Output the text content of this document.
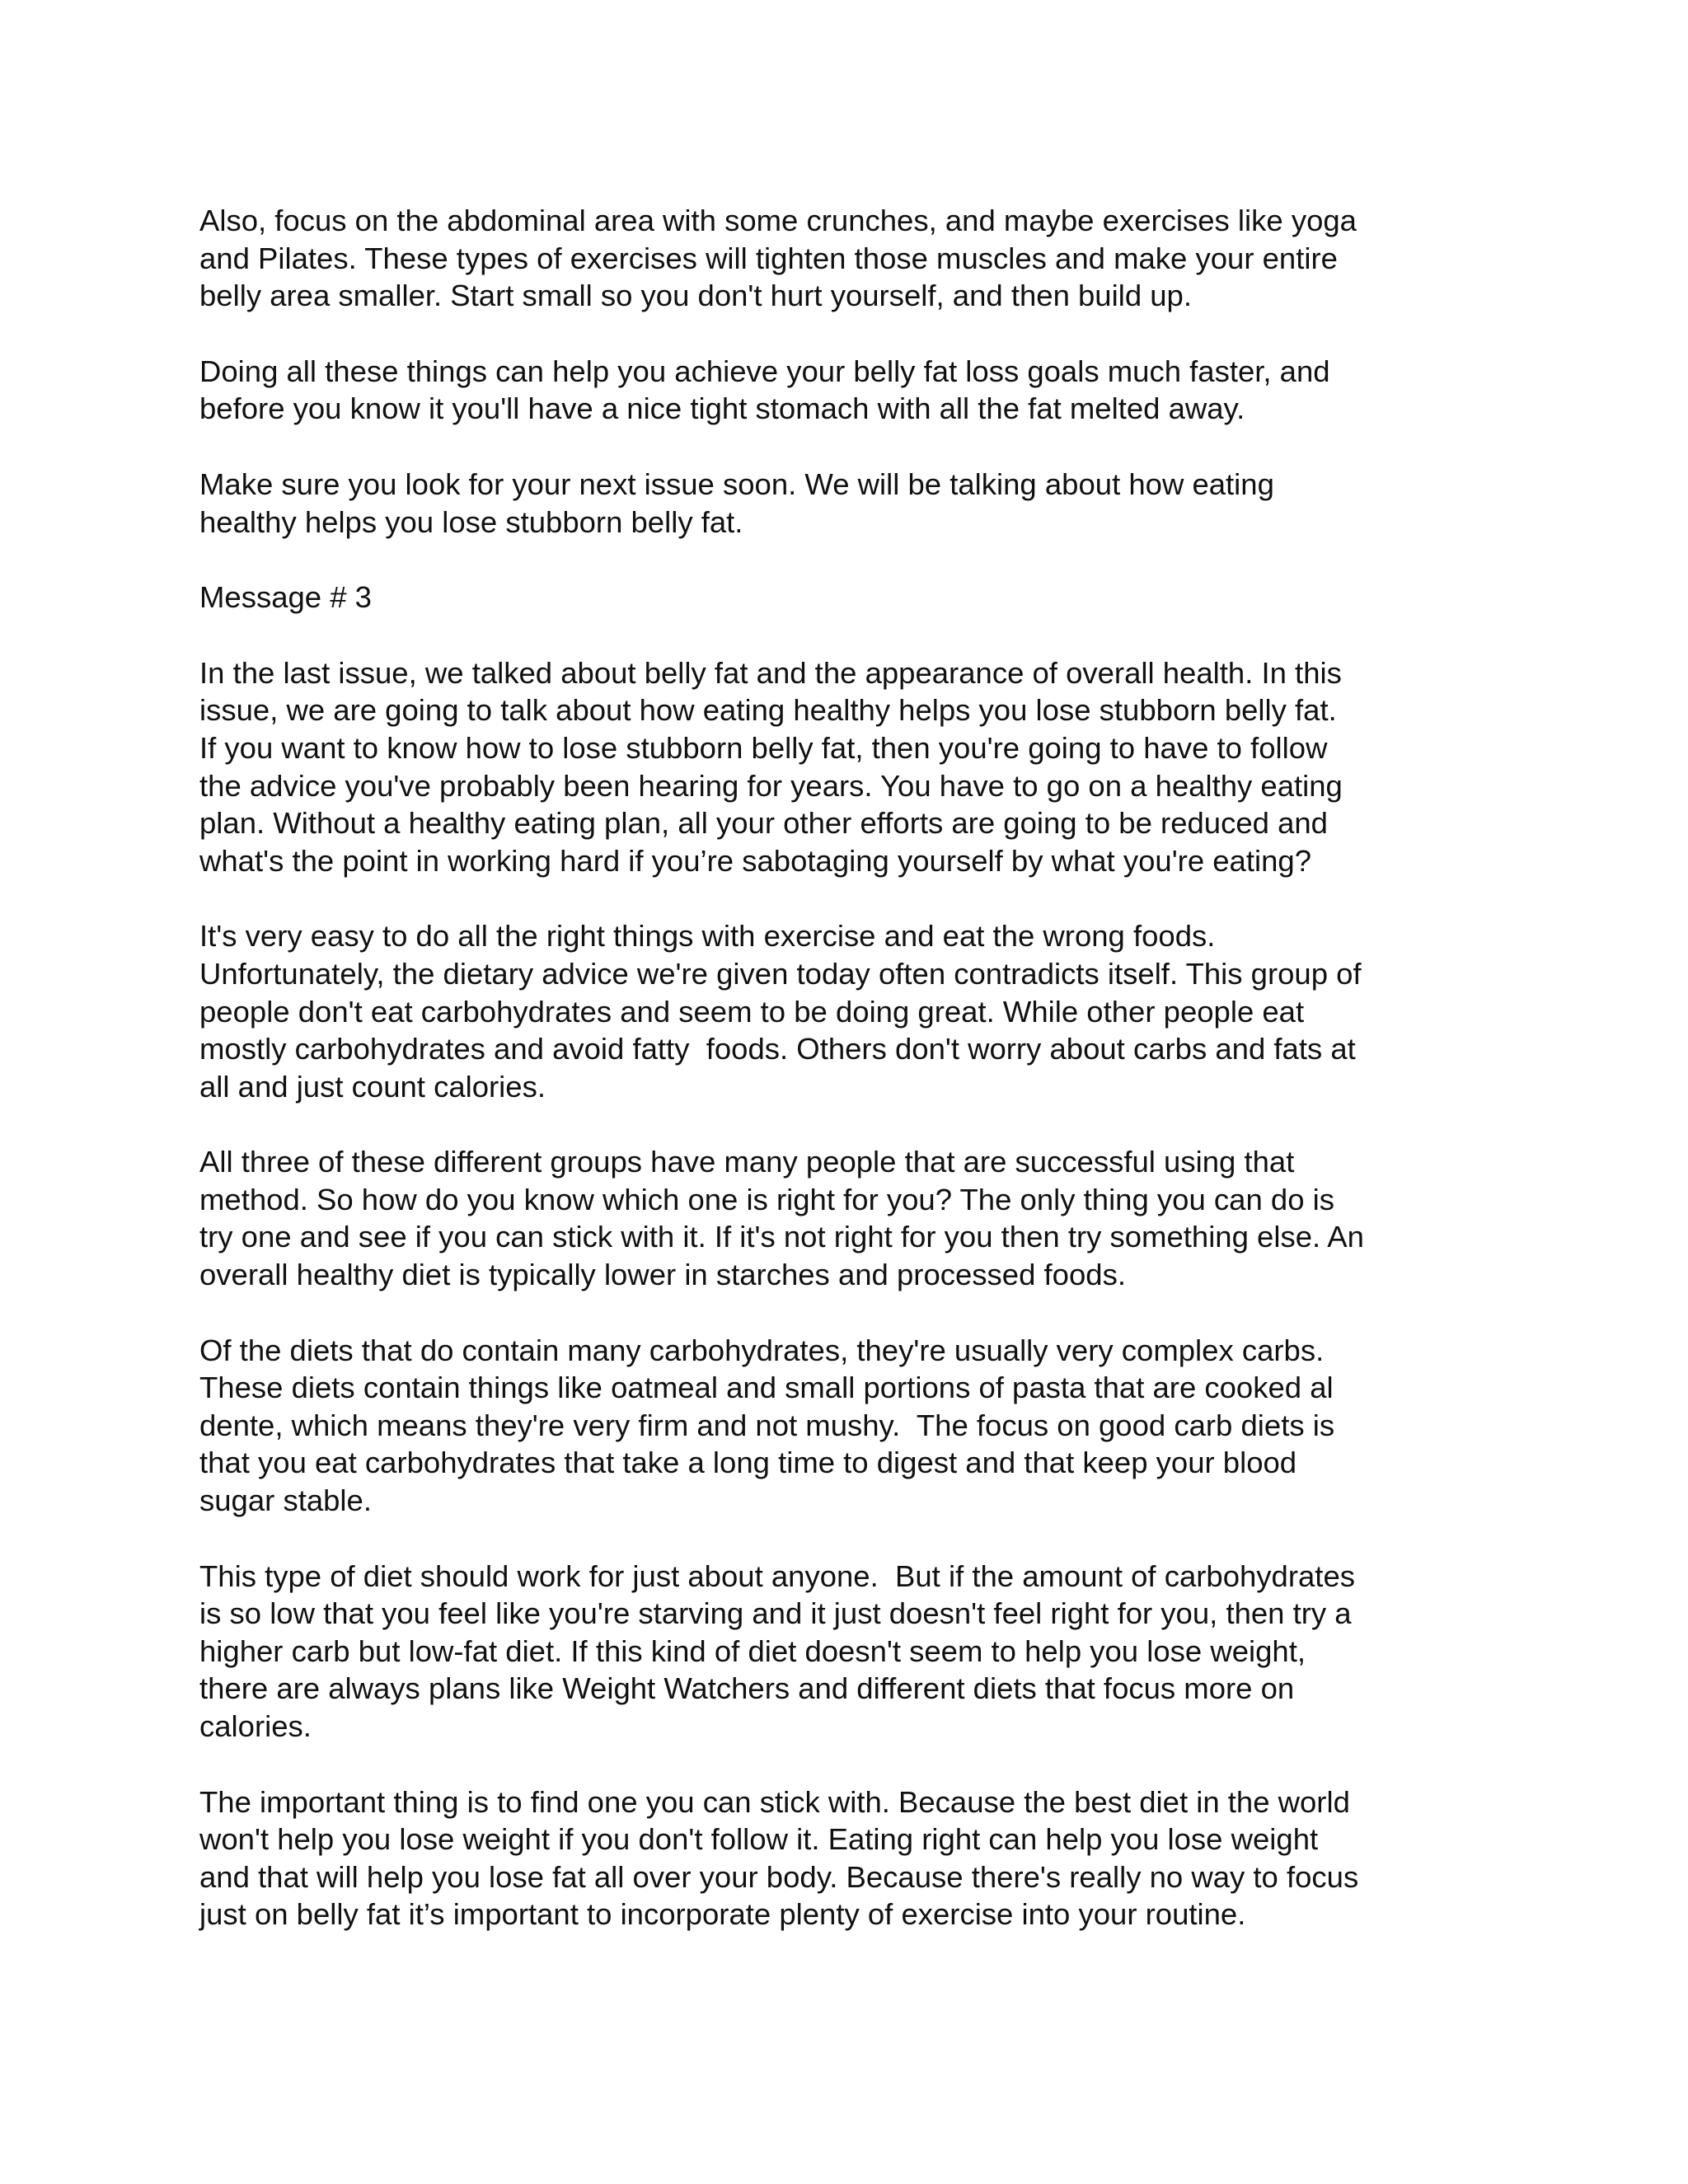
Also, focus on the abdominal area with some crunches, and maybe exercises like yoga
and Pilates. These types of exercises will tighten those muscles and make your entire
belly area smaller. Start small so you don't hurt yourself, and then build up.
Doing all these things can help you achieve your belly fat loss goals much faster, and
before you know it you'll have a nice tight stomach with all the fat melted away.
Make sure you look for your next issue soon. We will be talking about how eating
healthy helps you lose stubborn belly fat.
Message # 3
In the last issue, we talked about belly fat and the appearance of overall health. In this
issue, we are going to talk about how eating healthy helps you lose stubborn belly fat.
If you want to know how to lose stubborn belly fat, then you're going to have to follow
the advice you've probably been hearing for years. You have to go on a healthy eating
plan. Without a healthy eating plan, all your other efforts are going to be reduced and
what's the point in working hard if you’re sabotaging yourself by what you're eating?
It's very easy to do all the right things with exercise and eat the wrong foods.
Unfortunately, the dietary advice we're given today often contradicts itself. This group of
people don't eat carbohydrates and seem to be doing great. While other people eat
mostly carbohydrates and avoid fatty  foods. Others don't worry about carbs and fats at
all and just count calories.
All three of these different groups have many people that are successful using that
method. So how do you know which one is right for you? The only thing you can do is
try one and see if you can stick with it. If it's not right for you then try something else. An
overall healthy diet is typically lower in starches and processed foods.
Of the diets that do contain many carbohydrates, they're usually very complex carbs.
These diets contain things like oatmeal and small portions of pasta that are cooked al
dente, which means they're very firm and not mushy.  The focus on good carb diets is
that you eat carbohydrates that take a long time to digest and that keep your blood
sugar stable.
This type of diet should work for just about anyone.  But if the amount of carbohydrates
is so low that you feel like you're starving and it just doesn't feel right for you, then try a
higher carb but low-fat diet. If this kind of diet doesn't seem to help you lose weight,
there are always plans like Weight Watchers and different diets that focus more on
calories.
The important thing is to find one you can stick with. Because the best diet in the world
won't help you lose weight if you don't follow it. Eating right can help you lose weight
and that will help you lose fat all over your body. Because there's really no way to focus
just on belly fat it’s important to incorporate plenty of exercise into your routine.
